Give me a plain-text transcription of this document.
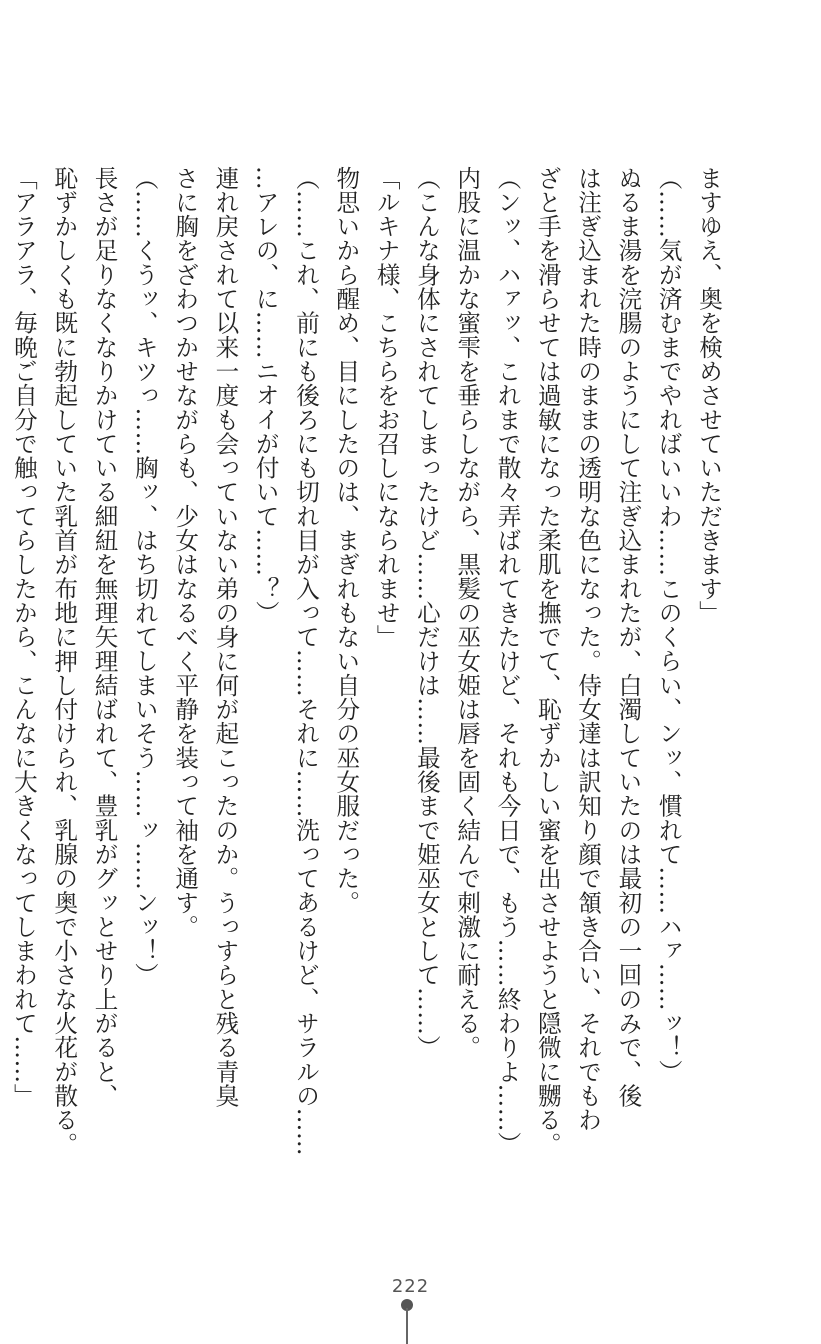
ますゆえ、奥を検めさせていただきます」
（……気が済むまでやればいいわ……このくらい、ンッ、慣れて……ハァ……ッ！）
ぬるま湯を浣腸のようにして注ぎ込まれたが、白濁していたのは最初の一回のみで、後
は注ぎ込まれた時のままの透明な色になった。侍女達は訳知り顔で頷き合い、それでもわ
ざと手を滑らせては過敏になった柔肌を撫でて、恥ずかしい蜜を出させようと隠微に嬲る。
（ンッ、ハァッ、これまで散々弄ばれてきたけど、それも今日で、もう……終わりよ……）
内股に温かな蜜雫を垂らしながら、黒髪の巫女姫は唇を固く結んで刺激に耐える。
（こんな身体にされてしまったけど……心だけは……最後まで姫巫女として……）
「ルキナ様、こちらをお召しになられませ」
物思いから醒め、目にしたのは、まぎれもない自分の巫女服だった。
（……これ、前にも後ろにも切れ目が入って……それに……洗ってあるけど、サラルの……
…アレの、に……ニオイが付いて……？）
連れ戻されて以来一度も会っていない弟の身に何が起こったのか。うっすらと残る青臭
さに胸をざわつかせながらも、少女はなるべく平静を装って袖を通す。
（……くうッ、キツっ……胸ッ、はち切れてしまいそう……ッ……ンッ！）
長さが足りなくなりかけている細紐を無理矢理結ばれて、豊乳がグッとせり上がると、
恥ずかしくも既に勃起していた乳首が布地に押し付けられ、乳腺の奥で小さな火花が散る。
「アラアラ、毎晩ご自分で触ってらしたから、こんなに大きくなってしまわれて……」
222
